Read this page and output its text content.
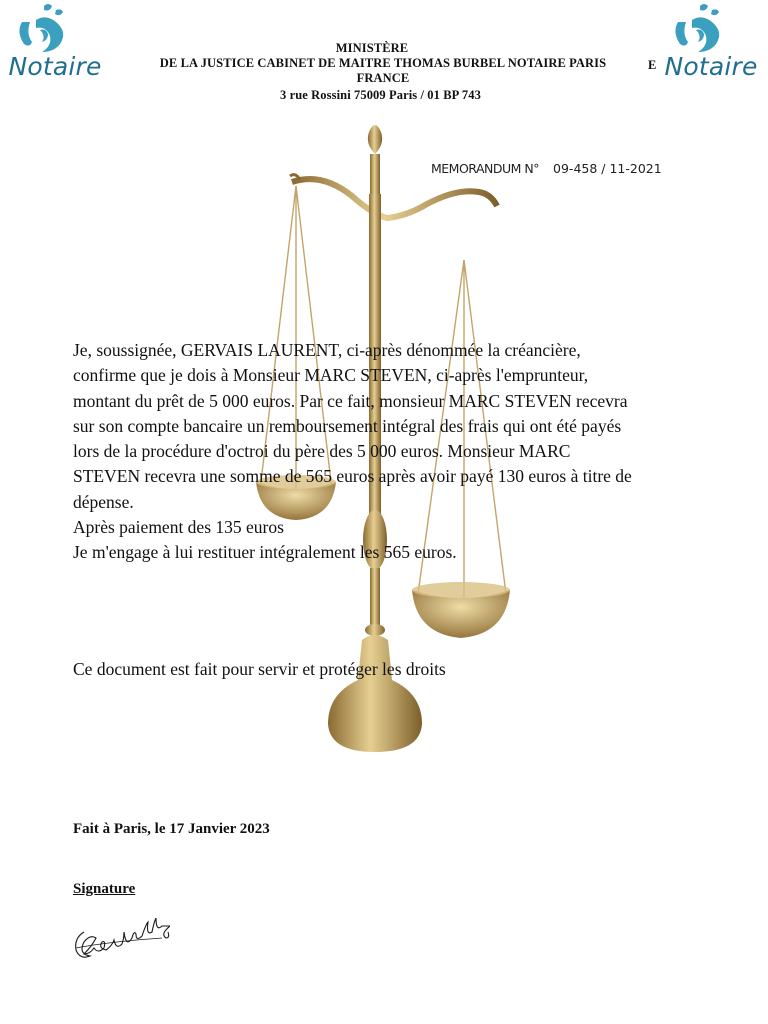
Notaire	Notaire
MINISTÈRE
DE LA JUSTICE CABINET DE MAITRE THOMAS BURBEL NOTAIRE PARIS
FRANCE
3 rue Rossini 75009 Paris / 01 BP 743
E
MEMORANDUM N° 09-458 / 11-2021

Je, soussignée, GERVAIS LAURENT, ci-après dénommée la créancière, confirme que je dois à Monsieur MARC STEVEN, ci-après l'emprunteur, montant du prêt de 5 000 euros. Par ce fait, monsieur MARC STEVEN recevra sur son compte bancaire un remboursement intégral des frais qui ont été payés lors de la procédure d'octroi du père des 5 000 euros. Monsieur MARC STEVEN recevra une somme de 565 euros après avoir payé 130 euros à titre de dépense.

Après paiement des 135 euros

Je m'engage à lui restituer intégralement les 565 euros.

Ce document est fait pour servir et protéger les droits
Fait à Paris, le 17 Janvier 2023
Signature
